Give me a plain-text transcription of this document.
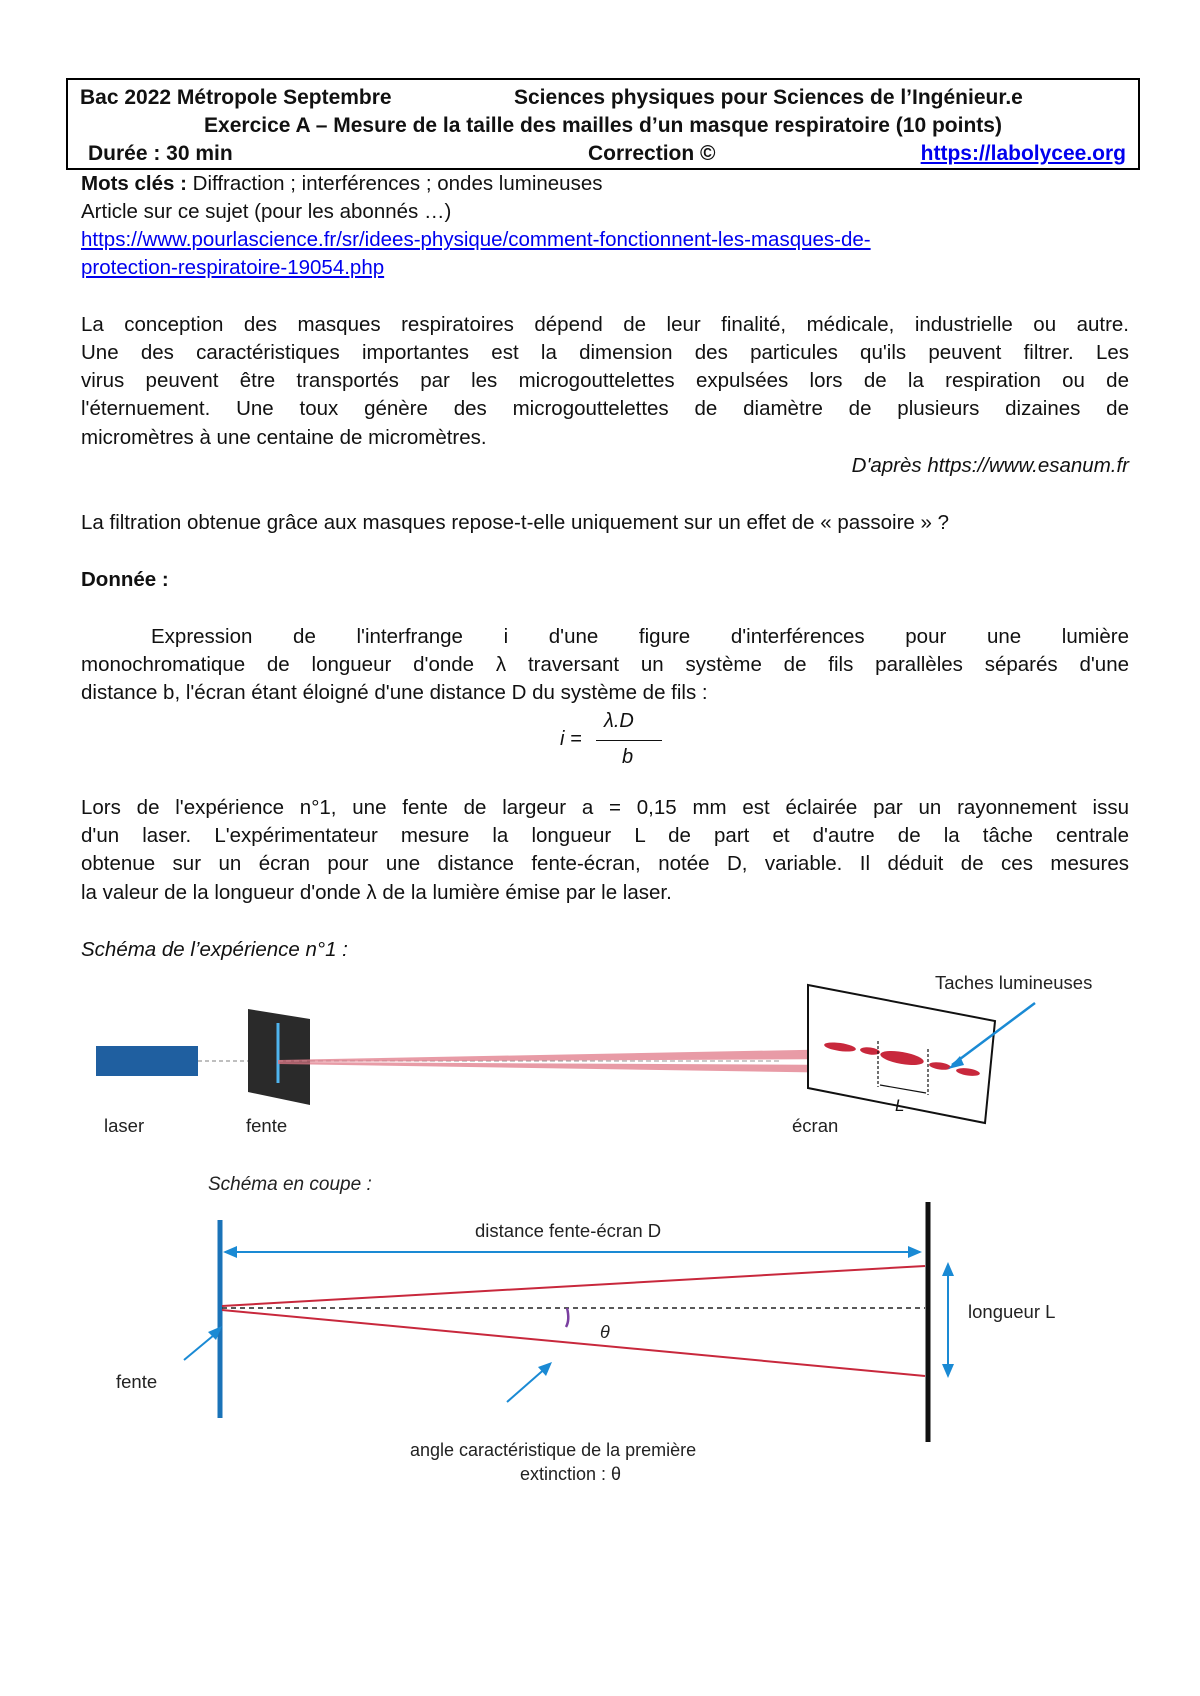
Bac 2022 Métropole Septembre	Sciences physiques pour Sciences de l’Ingénieur.e
Exercice A – Mesure de la taille des mailles d’un masque respiratoire (10 points)
Durée : 30 min	Correction ©	https://labolycee.org
Mots clés : Diffraction ; interférences ; ondes lumineuses
Article sur ce sujet (pour les abonnés …)
https://www.pourlascience.fr/sr/idees-physique/comment-fonctionnent-les-masques-de-
protection-respiratoire-19054.php
La conception des masques respiratoires dépend de leur finalité, médicale, industrielle ou autre.
Une des caractéristiques importantes est la dimension des particules qu'ils peuvent filtrer. Les
virus peuvent être transportés par les microgouttelettes expulsées lors de la respiration ou de
l'éternuement. Une toux génère des microgouttelettes de diamètre de plusieurs dizaines de
micromètres à une centaine de micromètres.
D'après https://www.esanum.fr
La filtration obtenue grâce aux masques repose-t-elle uniquement sur un effet de « passoire » ?
Donnée :
Expression de l'interfrange i d'une figure d'interférences pour une lumière
monochromatique de longueur d'onde λ traversant un système de fils parallèles séparés d'une
distance b, l'écran étant éloigné d'une distance D du système de fils :
i =
λ.D
b
Lors de l'expérience n°1, une fente de largeur a = 0,15 mm est éclairée par un rayonnement issu
d'un laser. L'expérimentateur mesure la longueur L de part et d'autre de la tâche centrale
obtenue sur un écran pour une distance fente-écran, notée D, variable. Il déduit de ces mesures
la valeur de la longueur d'onde λ de la lumière émise par le laser.
Schéma de l’expérience n°1 :
L
Taches lumineuses
laser	fente	écran
Schéma en coupe :
distance fente-écran D
θ
longueur L
fente
angle caractéristique de la première
extinction : θ
